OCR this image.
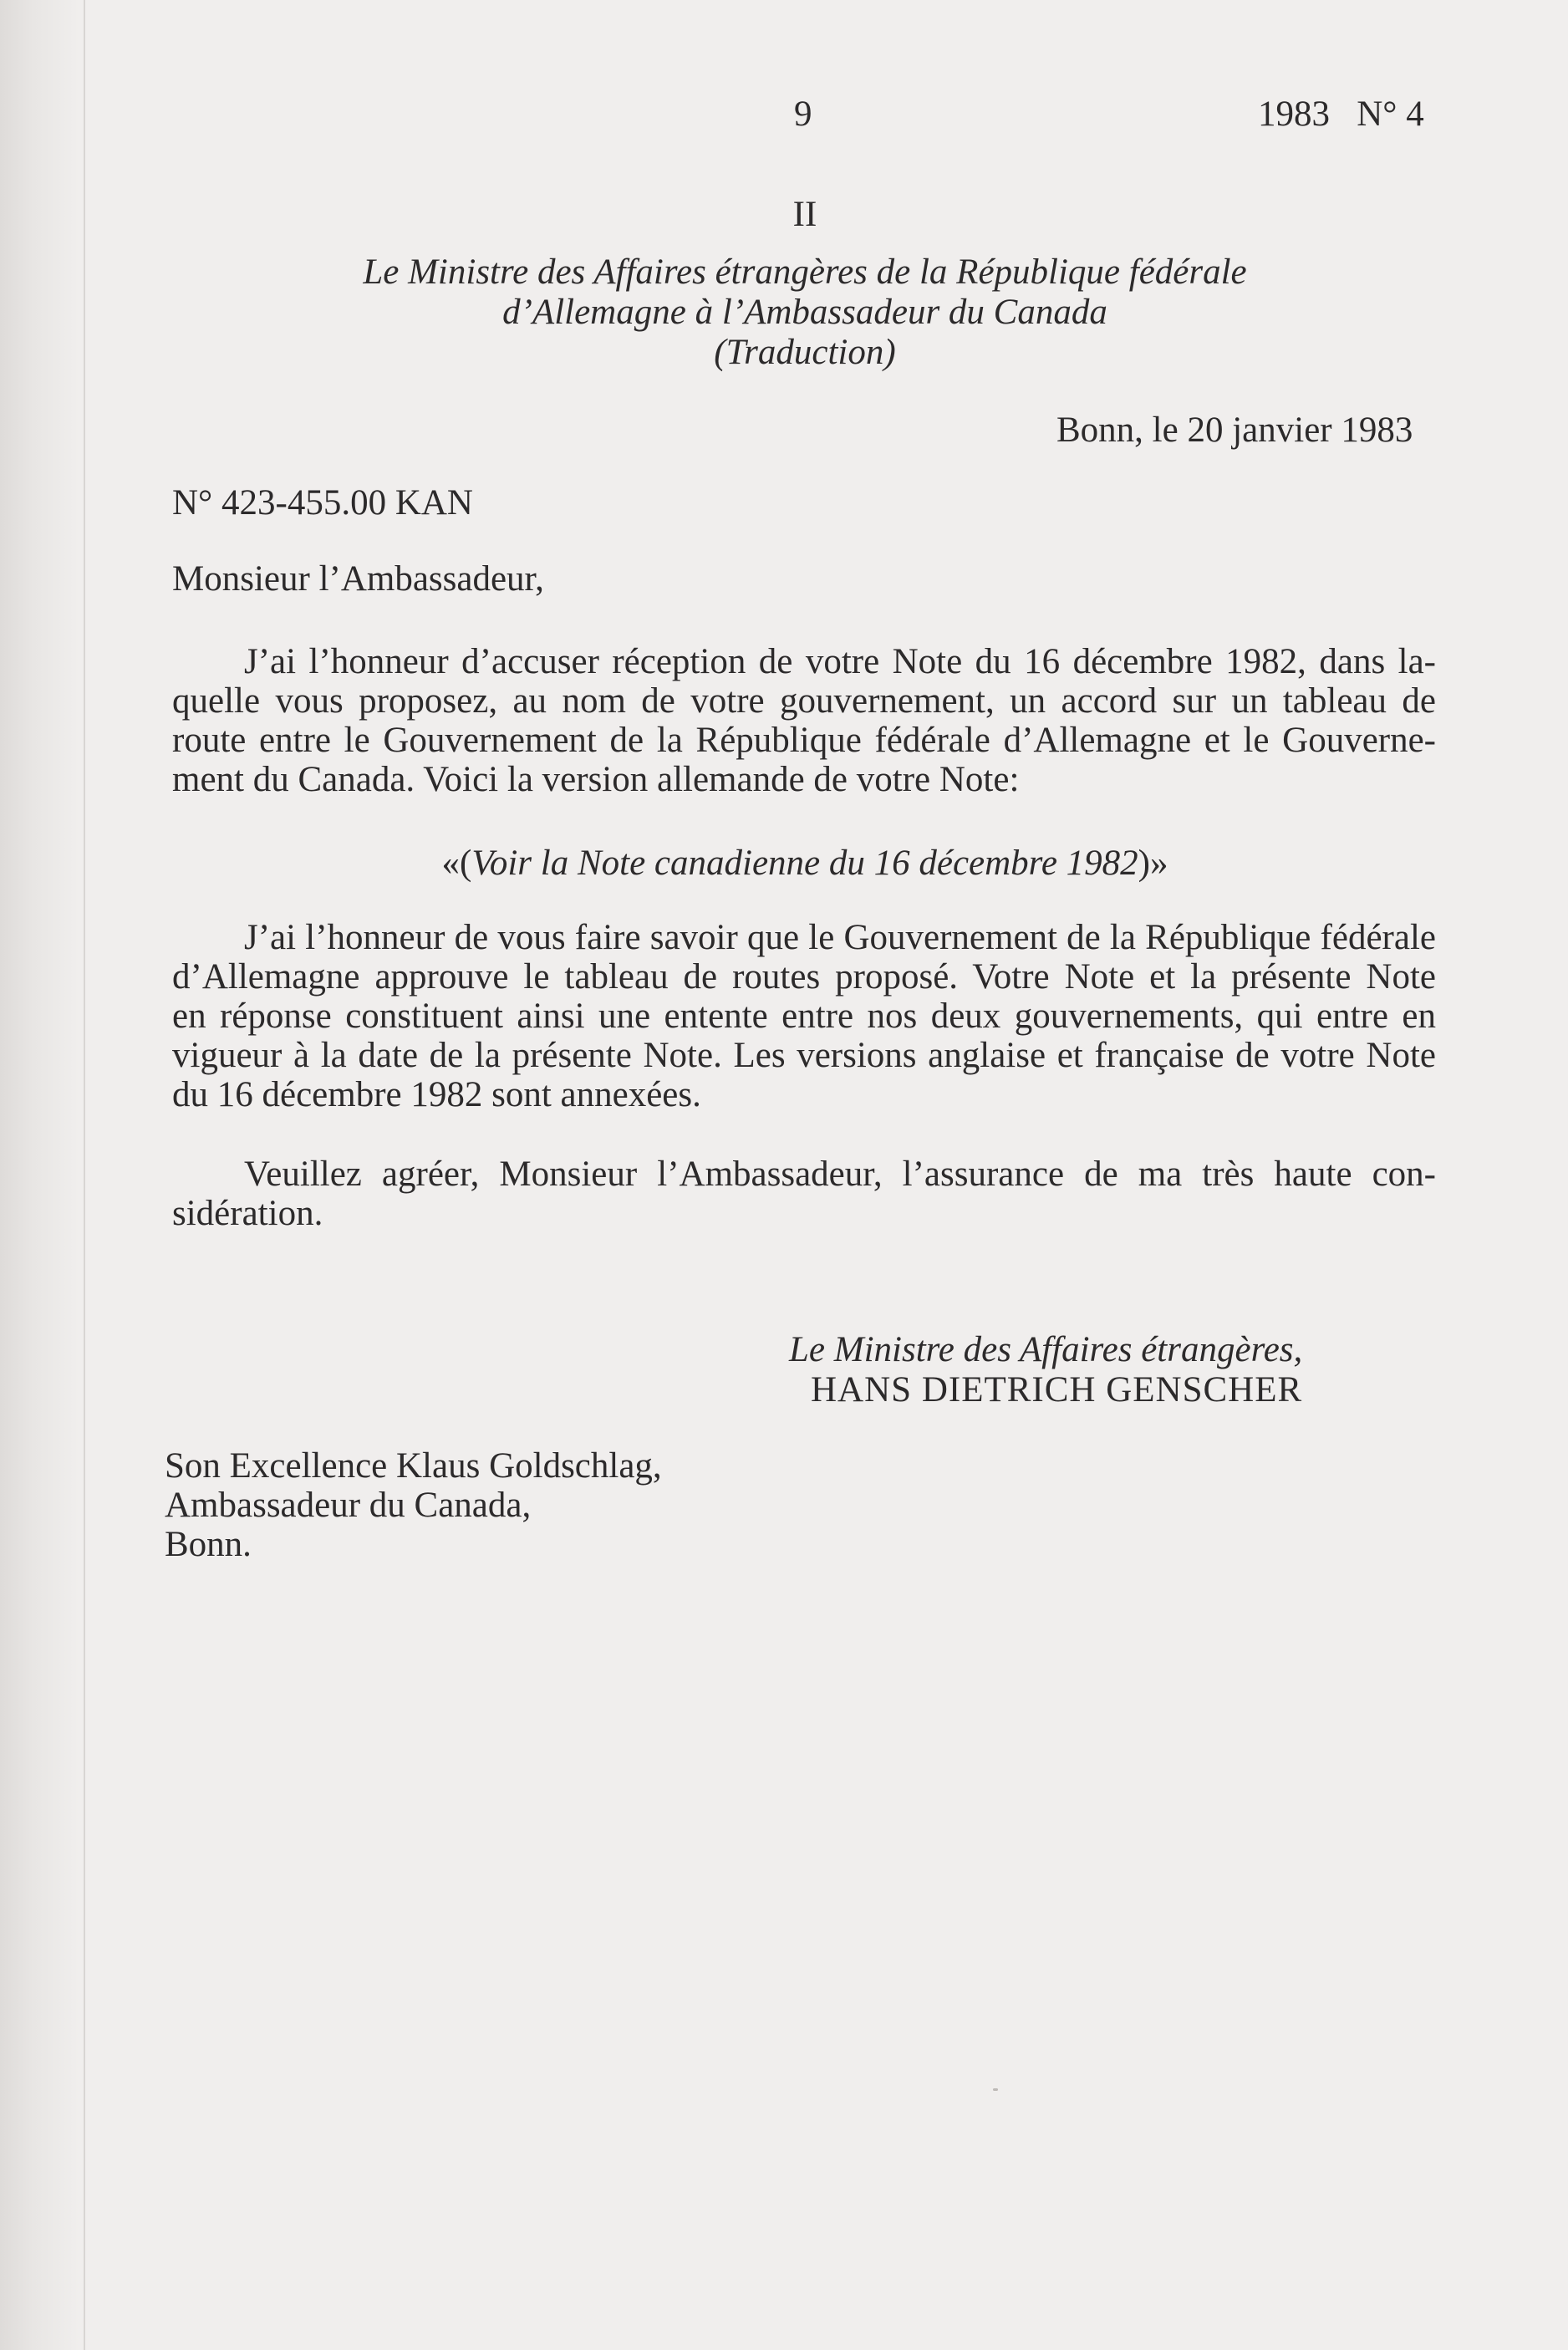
9	1983   N° 4
II
Le Ministre des Affaires étrangères de la République fédérale
d’Allemagne à l’Ambassadeur du Canada
(Traduction)
Bonn, le 20 janvier 1983
N° 423-455.00 KAN
Monsieur l’Ambassadeur,
J’ai l’honneur d’accuser réception de votre Note du 16 décembre 1982, dans la-
quelle vous proposez, au nom de votre gouvernement, un accord sur un tableau de
route entre le Gouvernement de la République fédérale d’Allemagne et le Gouverne-
ment du Canada. Voici la version allemande de votre Note:
«(Voir la Note canadienne du 16 décembre 1982)»
J’ai l’honneur de vous faire savoir que le Gouvernement de la République fédérale
d’Allemagne approuve le tableau de routes proposé. Votre Note et la présente Note
en réponse constituent ainsi une entente entre nos deux gouvernements, qui entre en
vigueur à la date de la présente Note. Les versions anglaise et française de votre Note
du 16 décembre 1982 sont annexées.
Veuillez agréer, Monsieur l’Ambassadeur, l’assurance de ma très haute con-
sidération.
Le Ministre des Affaires étrangères,
HANS DIETRICH GENSCHER
Son Excellence Klaus Goldschlag,
Ambassadeur du Canada,
Bonn.
